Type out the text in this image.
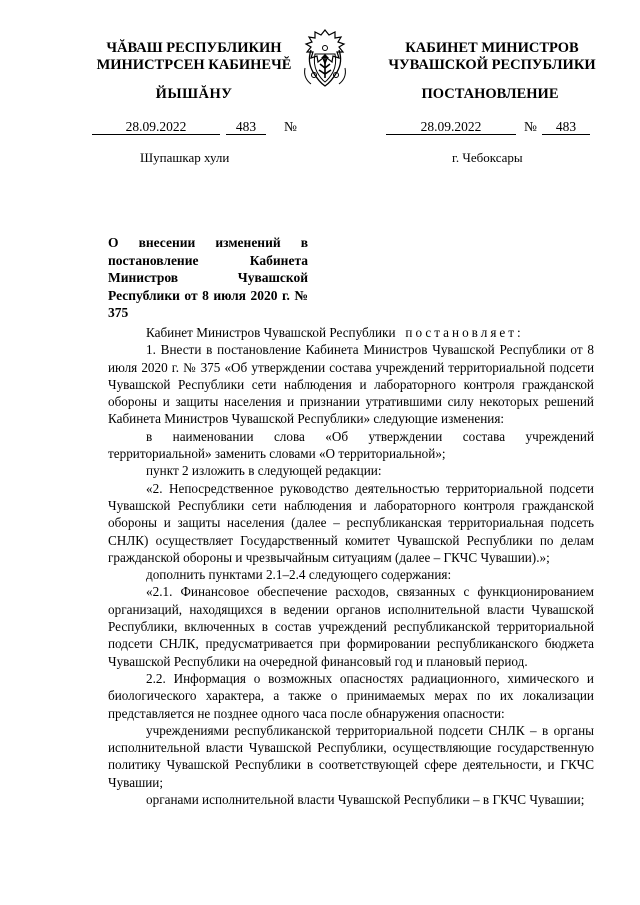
ЧĂВАШ РЕСПУБЛИКИН
МИНИСТРСЕН КАБИНЕЧĔ
ЙЫШĂНУ
КАБИНЕТ МИНИСТРОВ
ЧУВАШСКОЙ РЕСПУБЛИКИ
ПОСТАНОВЛЕНИЕ
28.09.2022	483	№	28.09.2022	№	483
Шупашкар хули	г. Чебоксары
О внесении изменений в постановление Кабинета Министров Чувашской Республики от 8 июля 2020 г. № 375

Кабинет Министров Чувашской Республики постановляет:

1. Внести в постановление Кабинета Министров Чувашской Республики от 8 июля 2020 г. № 375 «Об утверждении состава учреждений территориальной подсети Чувашской Республики сети наблюдения и лабораторного контроля гражданской обороны и защиты населения и признании утратившими силу некоторых решений Кабинета Министров Чувашской Республики» следующие изменения:

в наименовании слова «Об утверждении состава учреждений территориальной» заменить словами «О территориальной»;

пункт 2 изложить в следующей редакции:

«2. Непосредственное руководство деятельностью территориальной подсети Чувашской Республики сети наблюдения и лабораторного контроля гражданской обороны и защиты населения (далее – республиканская территориальная подсеть СНЛК) осуществляет Государственный комитет Чувашской Республики по делам гражданской обороны и чрезвычайным ситуациям (далее – ГКЧС Чувашии).»;

дополнить пунктами 2.1–2.4 следующего содержания:

«2.1. Финансовое обеспечение расходов, связанных с функционированием организаций, находящихся в ведении органов исполнительной власти Чувашской Республики, включенных в состав учреждений республиканской территориальной подсети СНЛК, предусматривается при формировании республиканского бюджета Чувашской Республики на очередной финансовый год и плановый период.

2.2. Информация о возможных опасностях радиационного, химического и биологического характера, а также о принимаемых мерах по их локализации представляется не позднее одного часа после обнаружения опасности:

учреждениями республиканской территориальной подсети СНЛК – в органы исполнительной власти Чувашской Республики, осуществляющие государственную политику Чувашской Республики в соответствующей сфере деятельности, и ГКЧС Чувашии;

органами исполнительной власти Чувашской Республики – в ГКЧС Чувашии;
